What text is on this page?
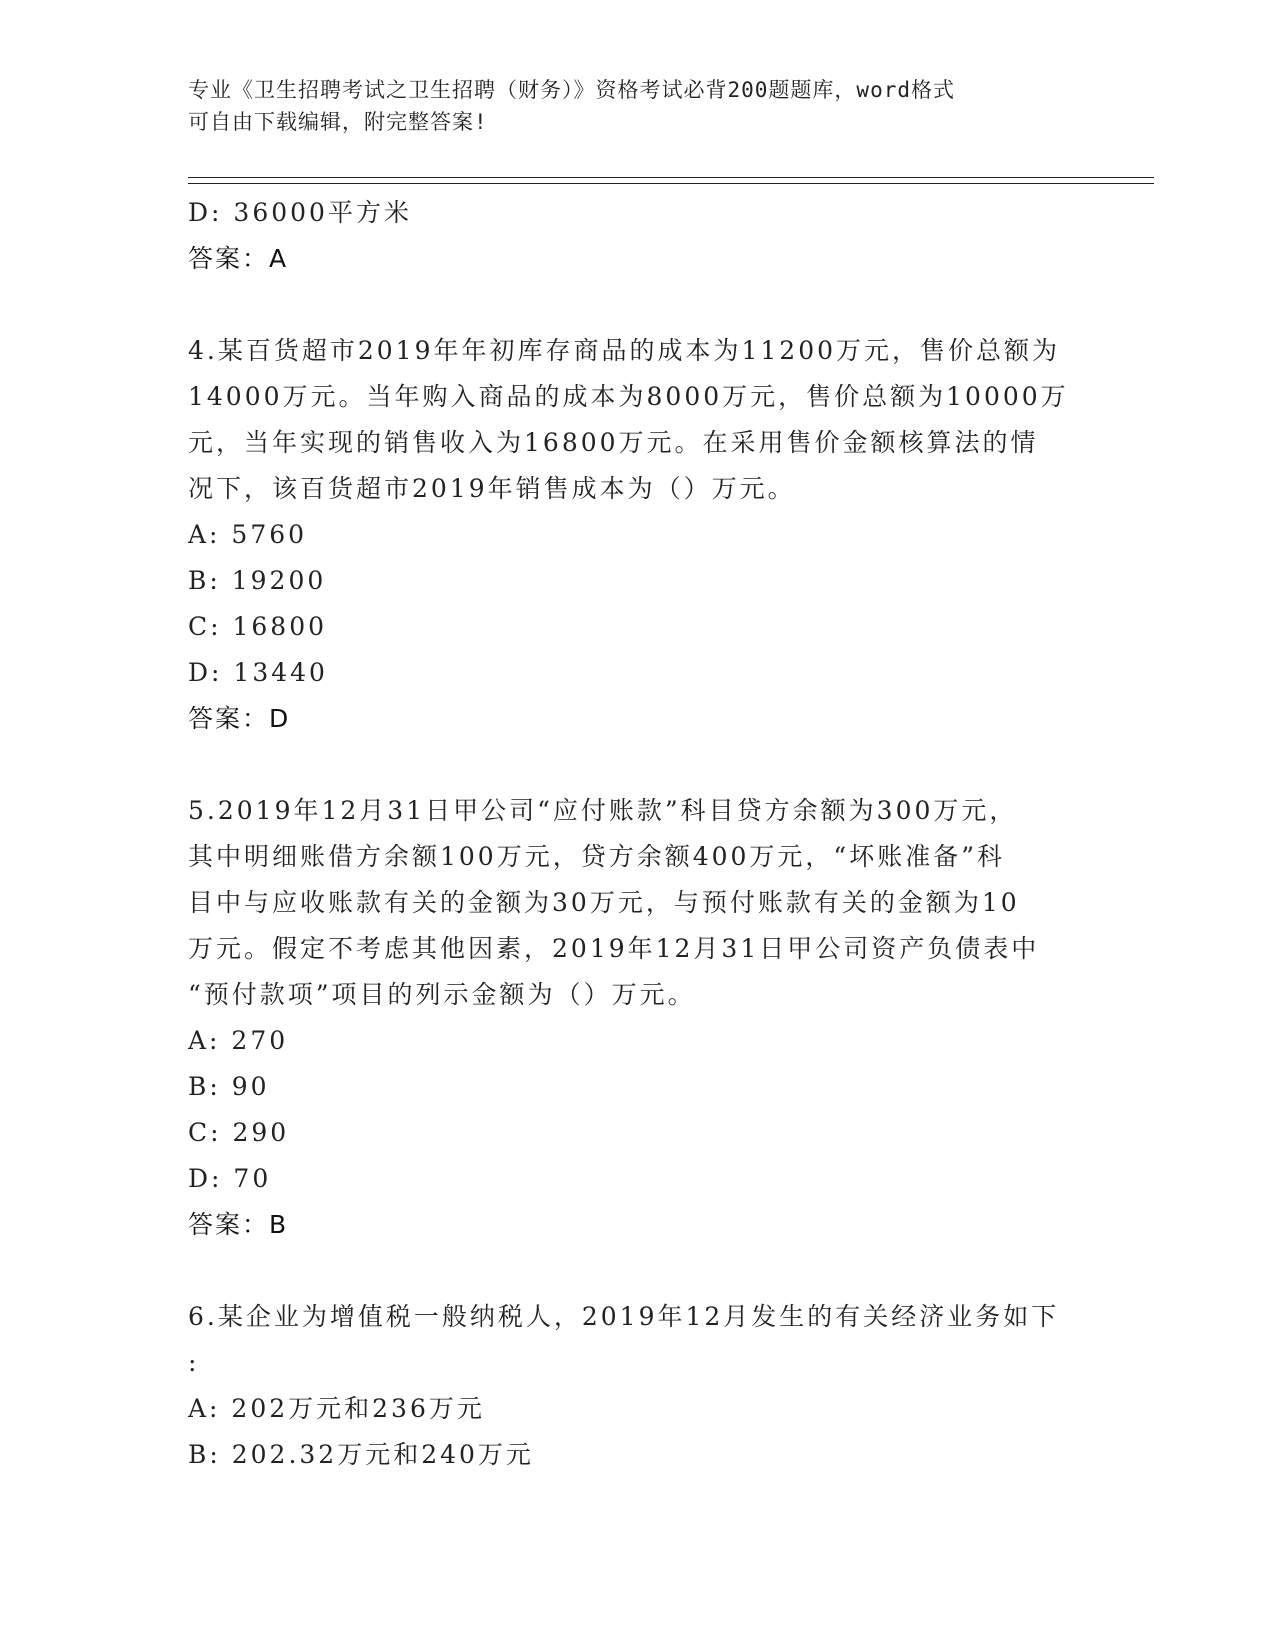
专业《卫生招聘考试之卫生招聘（财务）》资格考试必背200题题库，word格式
可自由下载编辑，附完整答案!
D: 36000平方米
答案：A
4.某百货超市2019年年初库存商品的成本为11200万元，售价总额为
14000万元。当年购入商品的成本为8000万元，售价总额为10000万
元，当年实现的销售收入为16800万元。在采用售价金额核算法的情
况下，该百货超市2019年销售成本为（）万元。
A: 5760
B: 19200
C: 16800
D: 13440
答案：D
5.2019年12月31日甲公司“应付账款”科目贷方余额为300万元，
其中明细账借方余额100万元，贷方余额400万元，“坏账准备”科
目中与应收账款有关的金额为30万元，与预付账款有关的金额为10
万元。假定不考虑其他因素，2019年12月31日甲公司资产负债表中
“预付款项”项目的列示金额为（）万元。
A: 270
B: 90
C: 290
D: 70
答案：B
6.某企业为增值税一般纳税人，2019年12月发生的有关经济业务如下
:
A: 202万元和236万元
B: 202.32万元和240万元
